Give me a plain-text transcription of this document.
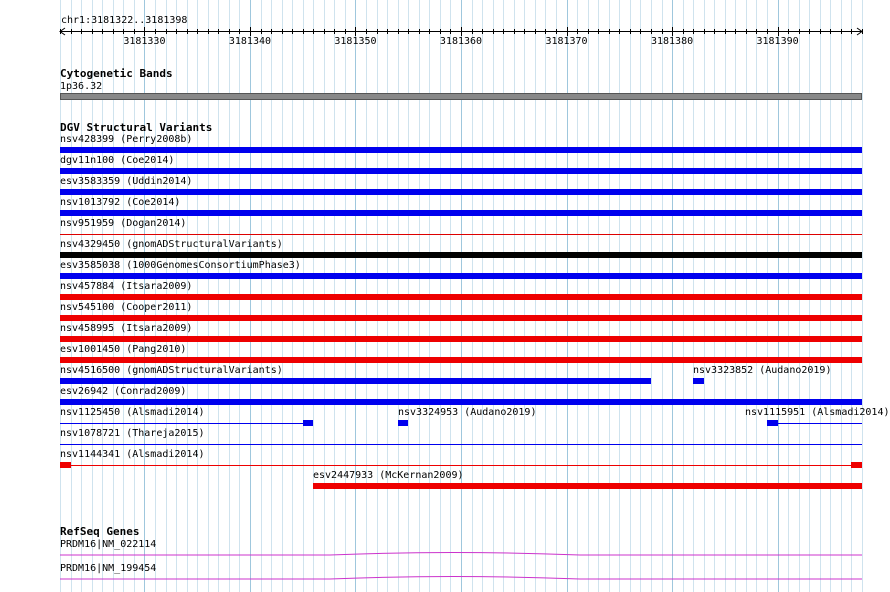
chr1:3181322..3181398
3181330	3181340	3181350	3181360	3181370	3181380	3181390
Cytogenetic Bands
1p36.32
DGV Structural Variants
nsv428399 (Perry2008b)
dgv11n100 (Coe2014)
esv3583359 (Uddin2014)
nsv1013792 (Coe2014)
nsv951959 (Dogan2014)
nsv4329450 (gnomADStructuralVariants)
esv3585038 (1000GenomesConsortiumPhase3)
nsv457884 (Itsara2009)
nsv545100 (Cooper2011)
nsv458995 (Itsara2009)
esv1001450 (Pang2010)
nsv4516500 (gnomADStructuralVariants)	nsv3323852 (Audano2019)
esv26942 (Conrad2009)
nsv1125450 (Alsmadi2014)	nsv3324953 (Audano2019)	nsv1115951 (Alsmadi2014)
nsv1078721 (Thareja2015)
nsv1144341 (Alsmadi2014)
esv2447933 (McKernan2009)
RefSeq Genes
PRDM16|NM_022114
PRDM16|NM_199454
